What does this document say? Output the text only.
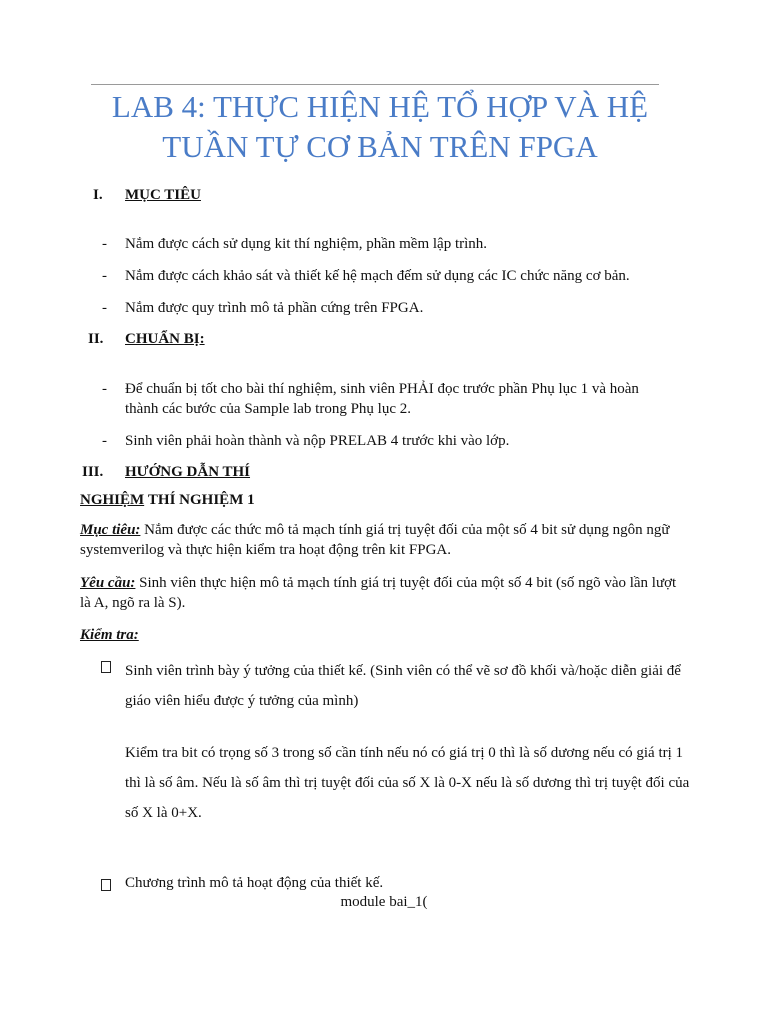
LAB 4: THỰC HIỆN HỆ TỔ HỢP VÀ HỆ
TUẦN TỰ CƠ BẢN TRÊN FPGA
I. MỤC TIÊU
- Nắm được cách sử dụng kit thí nghiệm, phần mềm lập trình.
- Nắm được cách khảo sát và thiết kế hệ mạch đếm sử dụng các IC chức năng cơ bản.
- Nắm được quy trình mô tả phần cứng trên FPGA.
II. CHUẨN BỊ:
- Để chuẩn bị tốt cho bài thí nghiệm, sinh viên PHẢI đọc trước phần Phụ lục 1 và hoàn thành các bước của Sample lab trong Phụ lục 2.
- Sinh viên phải hoàn thành và nộp PRELAB 4 trước khi vào lớp.
III. HƯỚNG DẪN THÍ
NGHIỆM THÍ NGHIỆM 1
Mục tiêu: Nắm được các thức mô tả mạch tính giá trị tuyệt đối của một số 4 bit sử dụng ngôn ngữ systemverilog và thực hiện kiểm tra hoạt động trên kit FPGA.
Yêu cầu: Sinh viên thực hiện mô tả mạch tính giá trị tuyệt đối của một số 4 bit (số ngõ vào lần lượt là A, ngõ ra là S).
Kiểm tra:
Sinh viên trình bày ý tưởng của thiết kế. (Sinh viên có thể vẽ sơ đồ khối và/hoặc diễn giải để giáo viên hiểu được ý tưởng của mình)
Kiểm tra bit có trọng số 3 trong số cần tính nếu nó có giá trị 0 thì là số dương nếu có giá trị 1 thì là số âm. Nếu là số âm thì trị tuyệt đối của số X là 0-X nếu là số dương thì trị tuyệt đối của số X là 0+X.
Chương trình mô tả hoạt động của thiết kế.
module bai_1(
